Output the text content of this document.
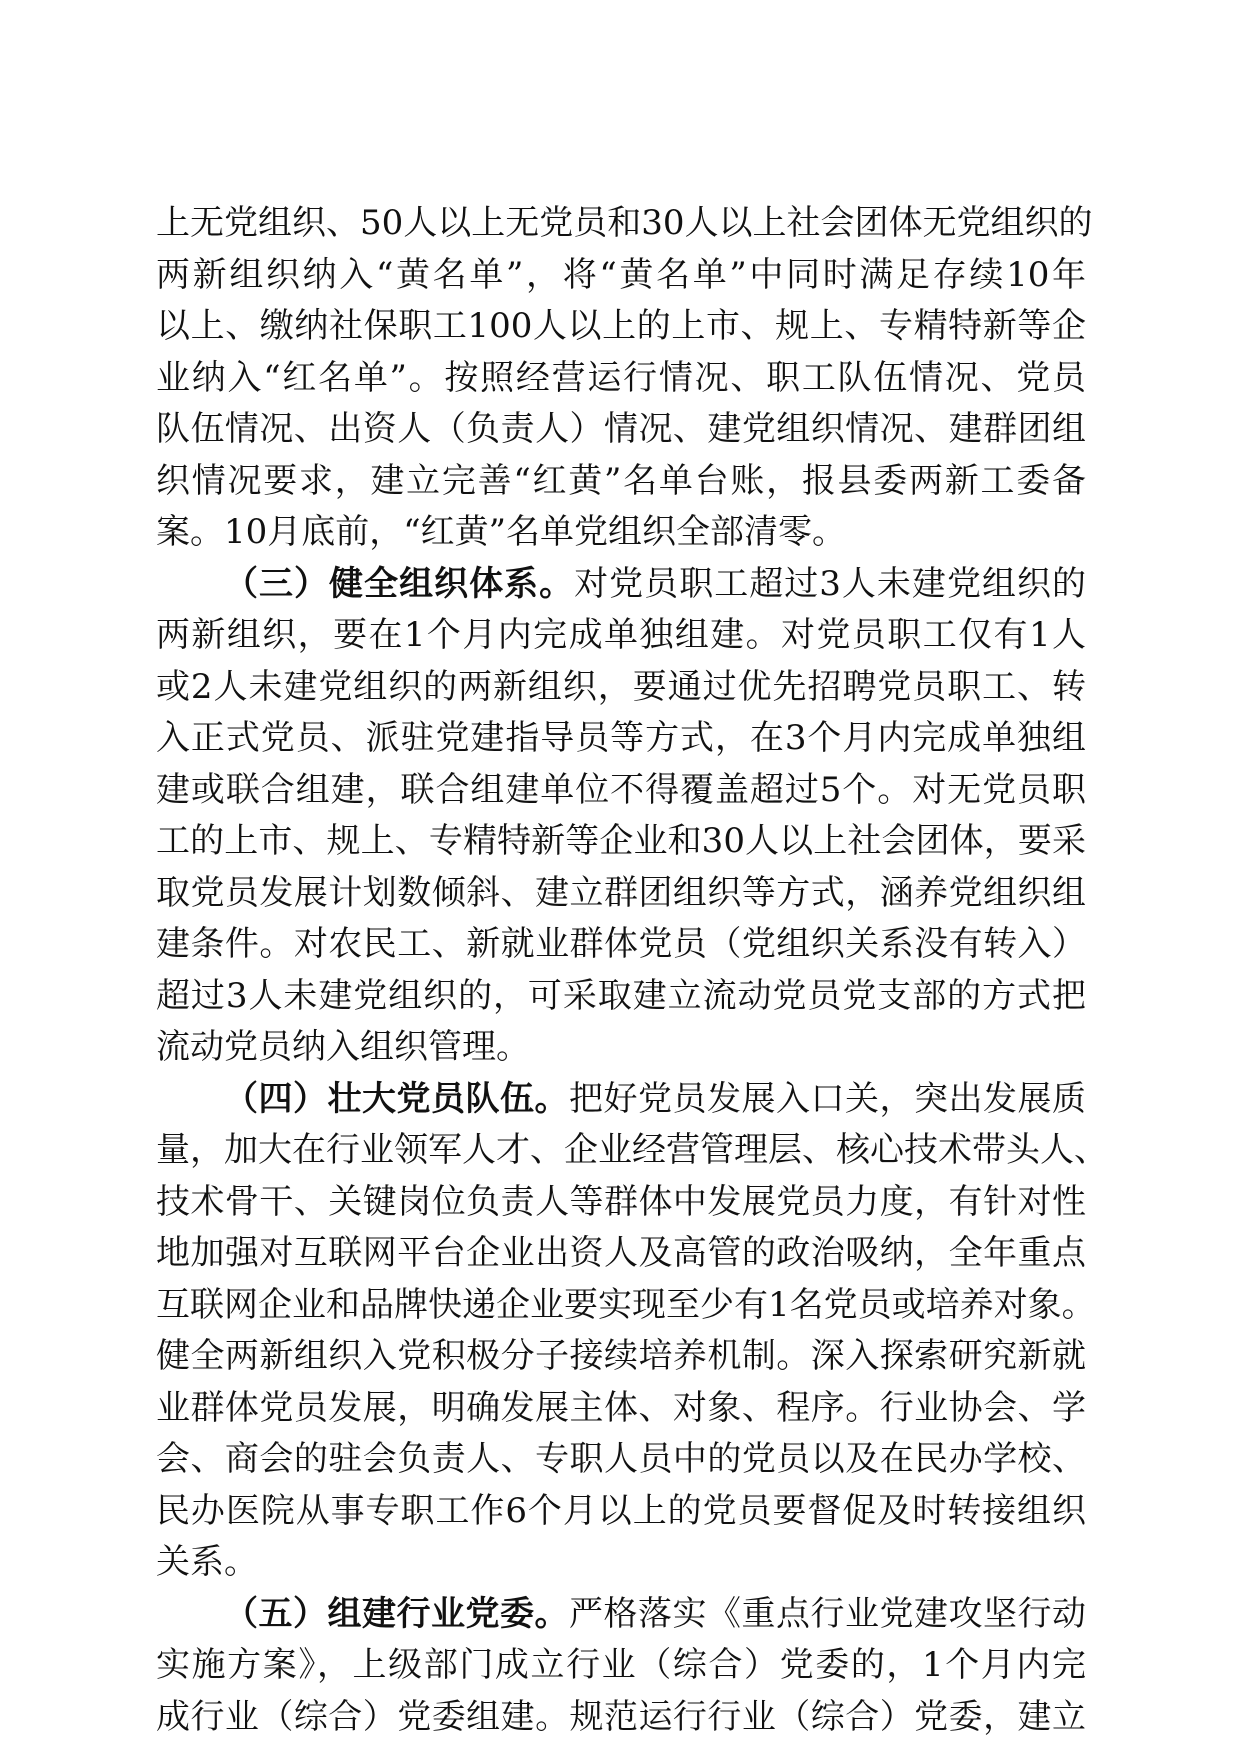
上无党组织、50人以上无党员和30人以上社会团体无党组织的
两新组织纳入“黄名单”，将“黄名单”中同时满足存续10年
以上、缴纳社保职工100人以上的上市、规上、专精特新等企
业纳入“红名单”。按照经营运行情况、职工队伍情况、党员
队伍情况、出资人（负责人）情况、建党组织情况、建群团组
织情况要求，建立完善“红黄”名单台账，报县委两新工委备
案。10月底前，“红黄”名单党组织全部清零。
（三）健全组织体系。对党员职工超过3人未建党组织的
两新组织，要在1个月内完成单独组建。对党员职工仅有1人
或2人未建党组织的两新组织，要通过优先招聘党员职工、转
入正式党员、派驻党建指导员等方式，在3个月内完成单独组
建或联合组建，联合组建单位不得覆盖超过5个。对无党员职
工的上市、规上、专精特新等企业和30人以上社会团体，要采
取党员发展计划数倾斜、建立群团组织等方式，涵养党组织组
建条件。对农民工、新就业群体党员（党组织关系没有转入）
超过3人未建党组织的，可采取建立流动党员党支部的方式把
流动党员纳入组织管理。
（四）壮大党员队伍。把好党员发展入口关，突出发展质
量，加大在行业领军人才、企业经营管理层、核心技术带头人、
技术骨干、关键岗位负责人等群体中发展党员力度，有针对性
地加强对互联网平台企业出资人及高管的政治吸纳，全年重点
互联网企业和品牌快递企业要实现至少有1名党员或培养对象。
健全两新组织入党积极分子接续培养机制。深入探索研究新就
业群体党员发展，明确发展主体、对象、程序。行业协会、学
会、商会的驻会负责人、专职人员中的党员以及在民办学校、
民办医院从事专职工作6个月以上的党员要督促及时转接组织
关系。
（五）组建行业党委。严格落实《重点行业党建攻坚行动
实施方案》，上级部门成立行业（综合）党委的，1个月内完
成行业（综合）党委组建。规范运行行业（综合）党委，建立
